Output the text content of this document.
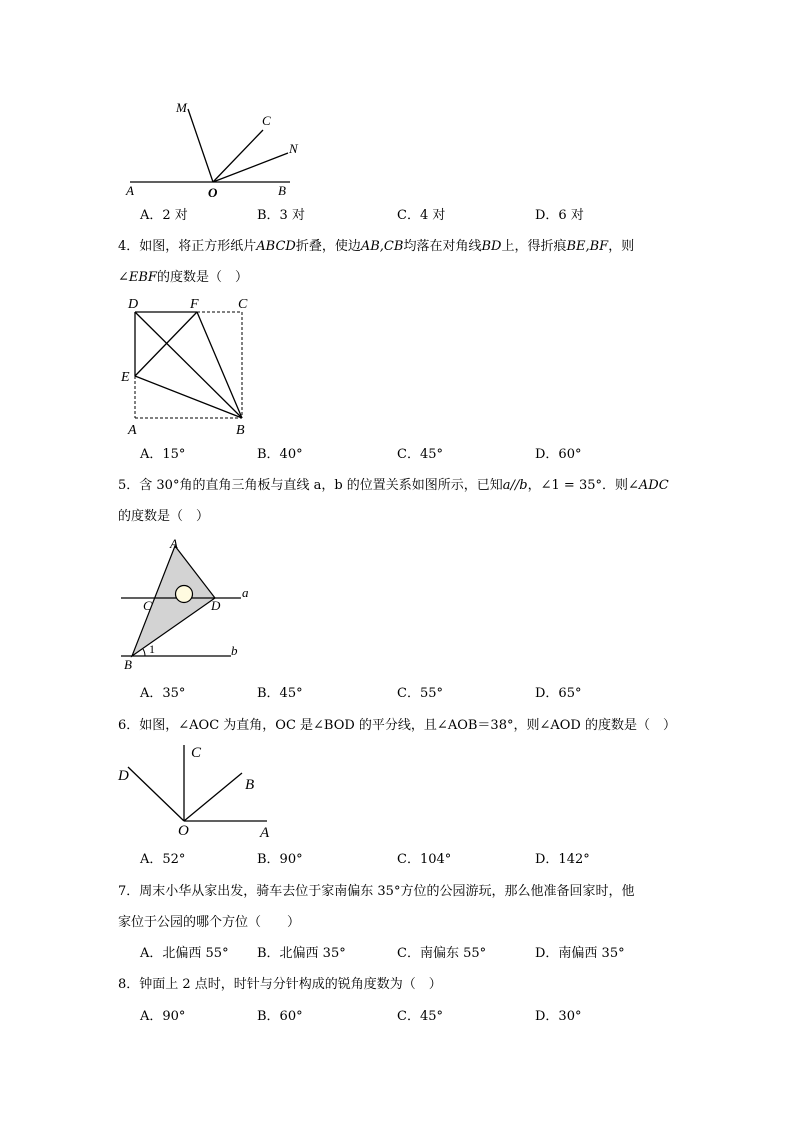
M
C
N
A	O	B
A．2 对	B．3 对	C．4 对	D．6 对
4．如图，将正方形纸片ABCD折叠，使边AB,CB均落在对角线BD上，得折痕BE,BF，则
∠EBF的度数是（　）
D	F	C
E
A	B
A．15°	B．40°	C．45°	D．60°
5．含 30°角的直角三角板与直线 a，b 的位置关系如图所示，已知a//b，∠1 = 35°．则∠ADC
的度数是（　）
A
C	D
a
B
1	b
A．35°	B．45°	C．55°	D．65°
6．如图，∠AOC 为直角，OC 是∠BOD 的平分线，且∠AOB＝38°，则∠AOD 的度数是（　）
C
D
B
O	A
A．52°	B．90°	C．104°	D．142°
7．周末小华从家出发，骑车去位于家南偏东 35°方位的公园游玩，那么他准备回家时，他
家位于公园的哪个方位（　　）
A．北偏西 55° B．北偏西 35°	C．南偏东 55°	D．南偏西 35°
8．钟面上 2 点时，时针与分针构成的锐角度数为（　）
A．90°	B．60°	C．45°	D．30°
